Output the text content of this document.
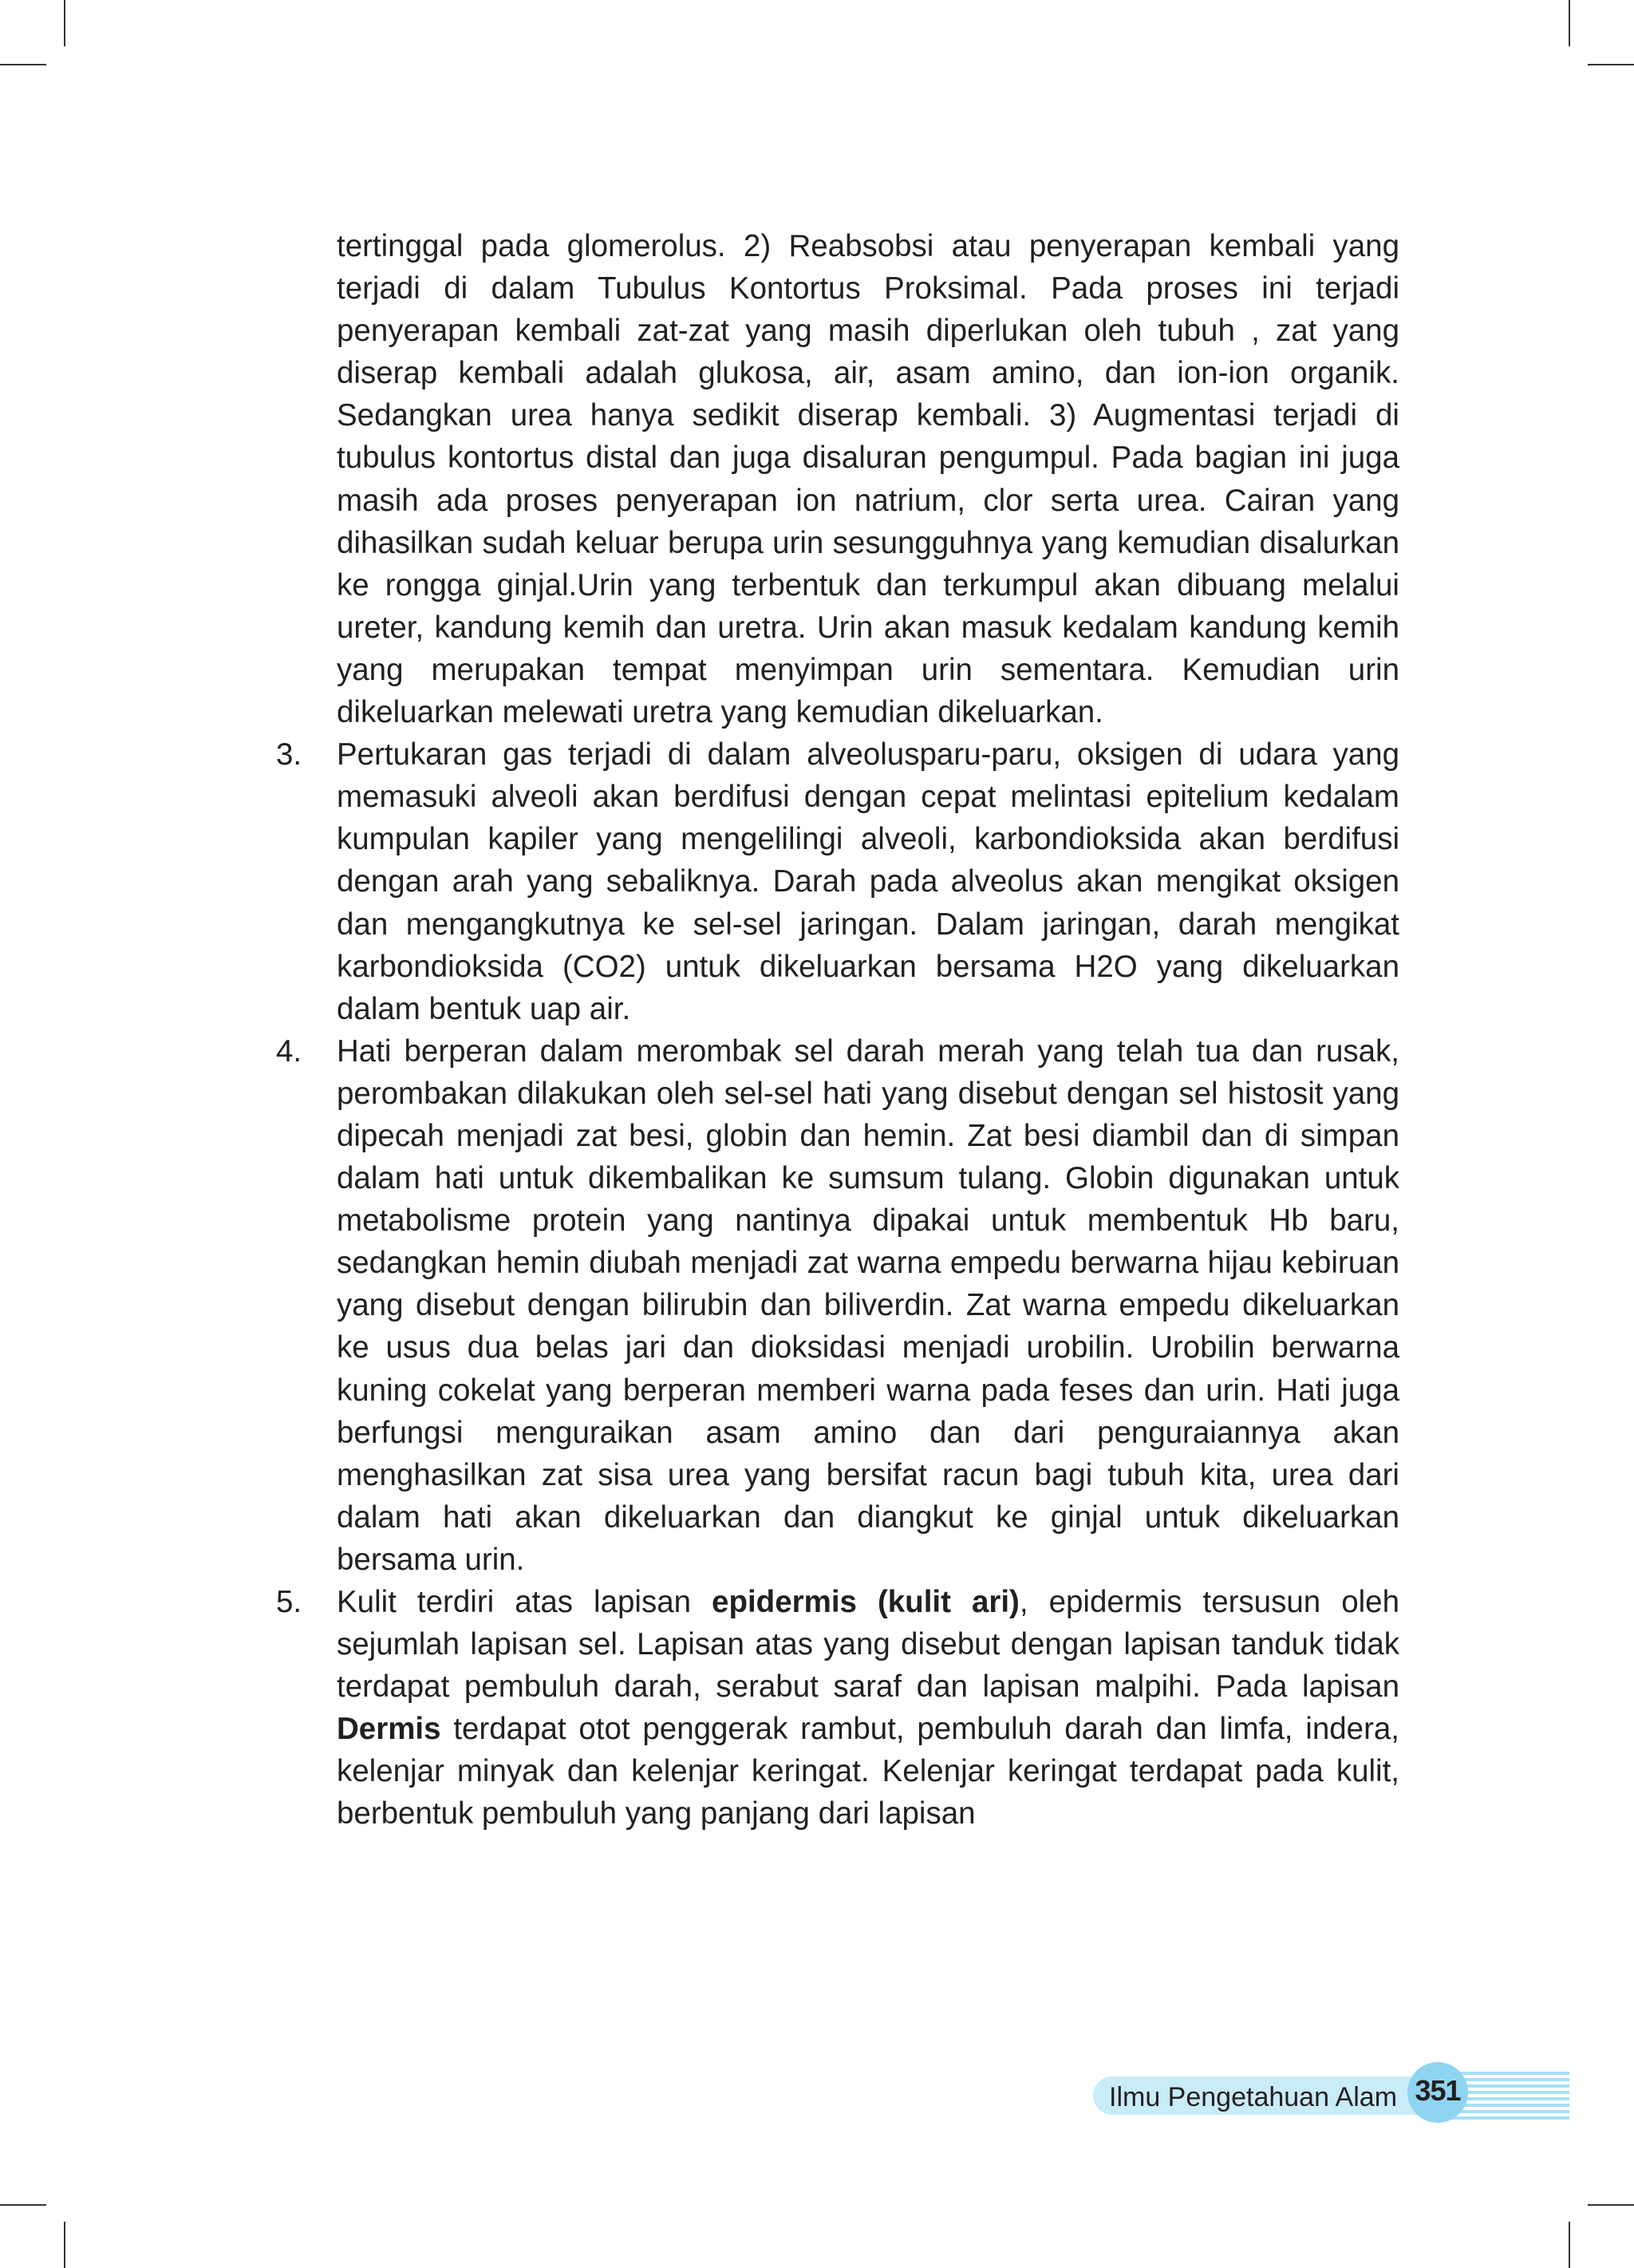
tertinggal pada glomerolus. 2) Reabsobsi atau penyerapan kembali yang terjadi di dalam Tubulus Kontortus Proksimal. Pada proses ini terjadi penyerapan kembali zat-zat yang masih diperlukan oleh tubuh , zat yang diserap kembali adalah glukosa, air, asam amino, dan ion-ion organik. Sedangkan urea hanya sedikit diserap kembali. 3) Augmentasi terjadi di tubulus kontortus distal dan juga disaluran pengumpul. Pada bagian ini juga masih ada proses penyerapan ion natrium, clor serta urea. Cairan yang dihasilkan sudah keluar berupa urin sesungguhnya yang kemudian disalurkan ke rongga ginjal.Urin yang terbentuk dan terkumpul akan dibuang melalui ureter, kandung kemih dan uretra. Urin akan masuk kedalam kandung kemih yang merupakan tempat menyimpan urin sementara. Kemudian urin dikeluarkan melewati uretra yang kemudian dikeluarkan.

3. Pertukaran gas terjadi di dalam alveolusparu-paru, oksigen di udara yang memasuki alveoli akan berdifusi dengan cepat melintasi epitelium kedalam kumpulan kapiler yang mengelilingi alveoli, karbondioksida akan berdifusi dengan arah yang sebaliknya. Darah pada alveolus akan mengikat oksigen dan mengangkutnya ke sel-sel jaringan. Dalam jaringan, darah mengikat karbondioksida (CO2) untuk dikeluarkan bersama H2O yang dikeluarkan dalam bentuk uap air.
4. Hati berperan dalam merombak sel darah merah yang telah tua dan rusak, perombakan dilakukan oleh sel-sel hati yang disebut dengan sel histosit yang dipecah menjadi zat besi, globin dan hemin. Zat besi diambil dan di simpan dalam hati untuk dikembalikan ke sumsum tulang. Globin digunakan untuk metabolisme protein yang nantinya dipakai untuk membentuk Hb baru, sedangkan hemin diubah menjadi zat warna empedu berwarna hijau kebiruan yang disebut dengan bilirubin dan biliverdin. Zat warna empedu dikeluarkan ke usus dua belas jari dan dioksidasi menjadi urobilin. Urobilin berwarna kuning cokelat yang berperan memberi warna pada feses dan urin. Hati juga berfungsi menguraikan asam amino dan dari penguraiannya akan menghasilkan zat sisa urea yang bersifat racun bagi tubuh kita, urea dari dalam hati akan dikeluarkan dan diangkut ke ginjal untuk dikeluarkan bersama urin.
5. Kulit terdiri atas lapisan epidermis (kulit ari), epidermis tersusun oleh sejumlah lapisan sel. Lapisan atas yang disebut dengan lapisan tanduk tidak terdapat pembuluh darah, serabut saraf dan lapisan malpihi. Pada lapisan Dermis terdapat otot penggerak rambut, pembuluh darah dan limfa, indera, kelenjar minyak dan kelenjar keringat. Kelenjar keringat terdapat pada kulit, berbentuk pembuluh yang panjang dari lapisan
Ilmu Pengetahuan Alam 351
